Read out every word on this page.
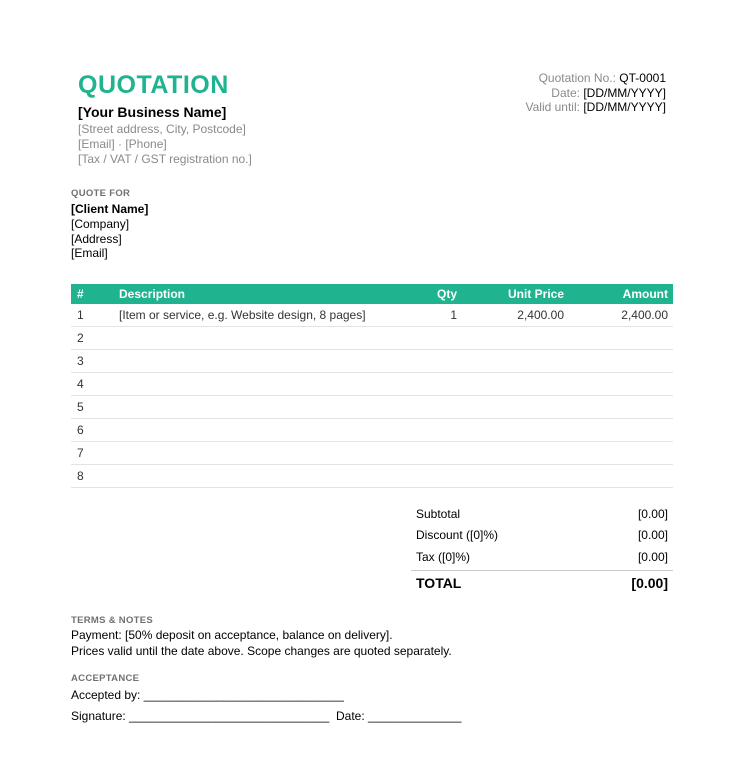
QUOTATION
[Your Business Name]
[Street address, City, Postcode]
[Email] · [Phone]
[Tax / VAT / GST registration no.]
Quotation No.: QT-0001
Date: [DD/MM/YYYY]
Valid until: [DD/MM/YYYY]
QUOTE FOR
[Client Name]
[Company]
[Address]
[Email]
#	Description	Qty	Unit Price	Amount
1	[Item or service, e.g. Website design, 8 pages]	1	2,400.00	2,400.00
2				
3				
4				
5				
6				
7				
8				
Subtotal	[0.00]
Discount ([0]%)	[0.00]
Tax ([0]%)	[0.00]
TOTAL	[0.00]
TERMS & NOTES
Payment: [50% deposit on acceptance, balance on delivery].
Prices valid until the date above. Scope changes are quoted separately.
ACCEPTANCE
Accepted by: ______________________________
Signature: ______________________________ Date: ______________
